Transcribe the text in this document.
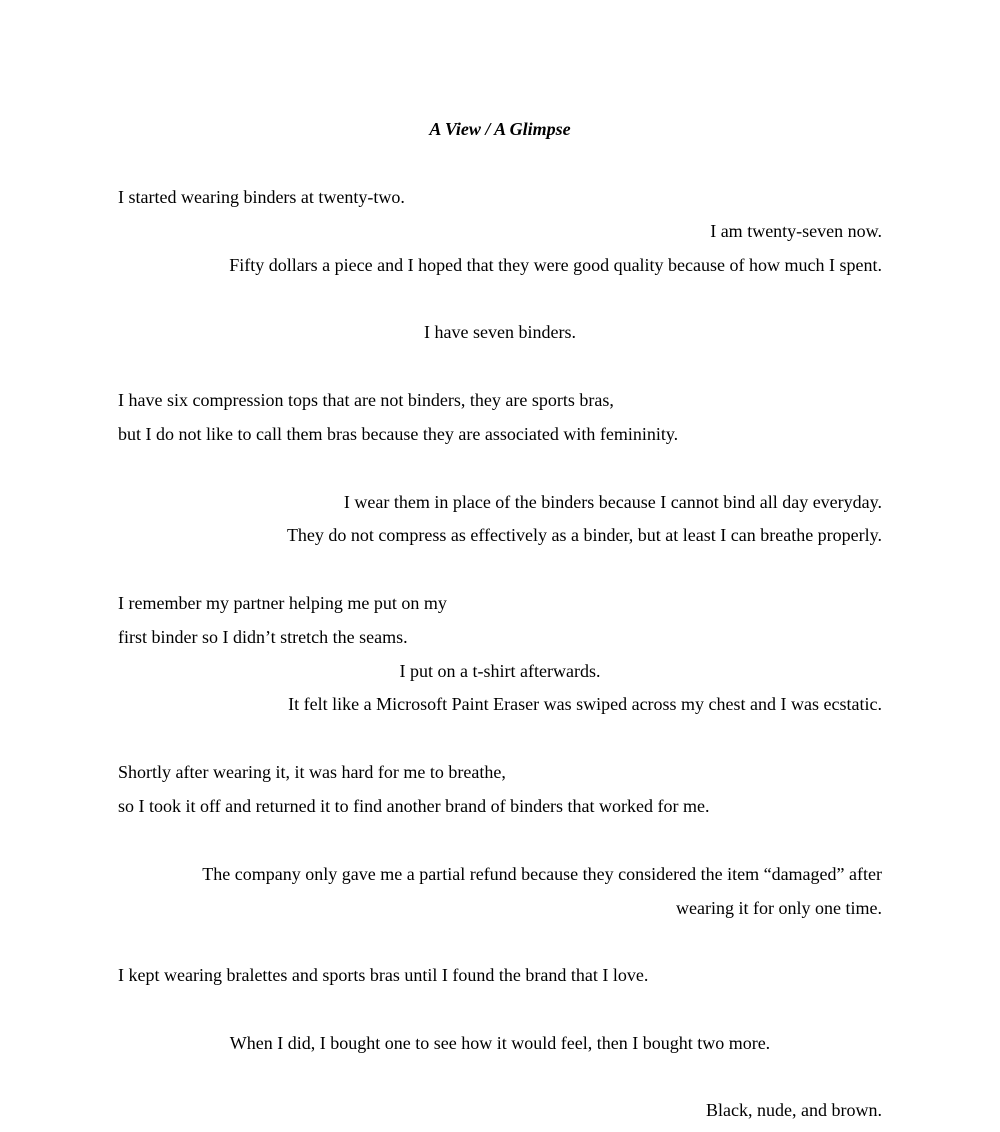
A View / A Glimpse
I started wearing binders at twenty-two.
I am twenty-seven now.
Fifty dollars a piece and I hoped that they were good quality because of how much I spent.
I have seven binders.
I have six compression tops that are not binders, they are sports bras,
but I do not like to call them bras because they are associated with femininity.
I wear them in place of the binders because I cannot bind all day everyday.
They do not compress as effectively as a binder, but at least I can breathe properly.
I remember my partner helping me put on my
first binder so I didn’t stretch the seams.
I put on a t-shirt afterwards.
It felt like a Microsoft Paint Eraser was swiped across my chest and I was ecstatic.
Shortly after wearing it, it was hard for me to breathe,
so I took it off and returned it to find another brand of binders that worked for me.
The company only gave me a partial refund because they considered the item “damaged” after
wearing it for only one time.
I kept wearing bralettes and sports bras until I found the brand that I love.
When I did, I bought one to see how it would feel, then I bought two more.
Black, nude, and brown.
